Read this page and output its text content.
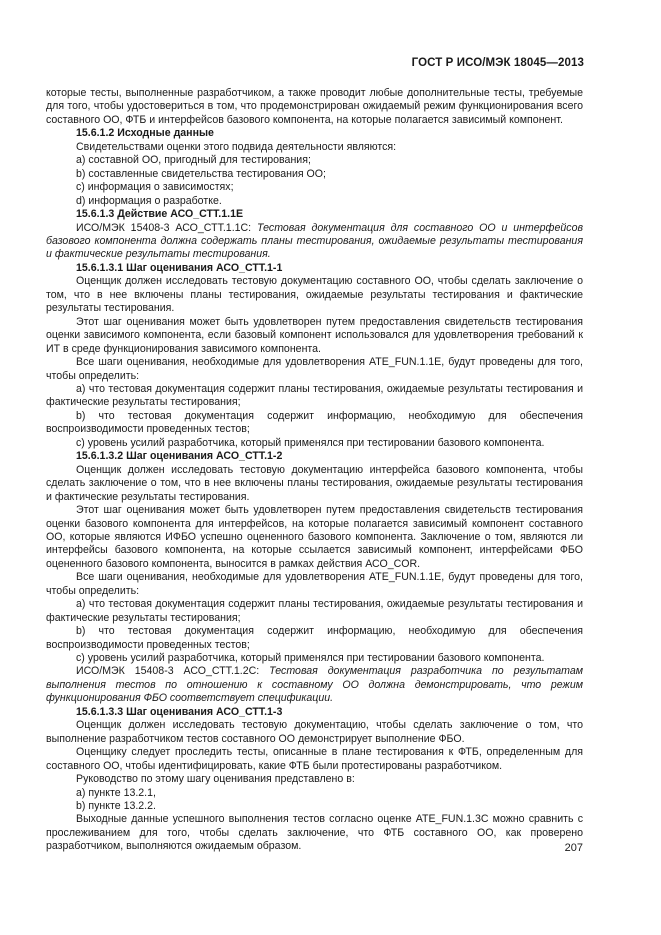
ГОСТ Р ИСО/МЭК 18045—2013

которые тесты, выполненные разработчиком, а также проводит любые дополнительные тесты, требуемые для того, чтобы удостовериться в том, что продемонстрирован ожидаемый режим функционирования всего составного ОО, ФТБ и интерфейсов базового компонента, на которые полагается зависимый компонент.

15.6.1.2 Исходные данные

Свидетельствами оценки этого подвида деятельности являются:

a) составной ОО, пригодный для тестирования;

b) составленные свидетельства тестирования ОО;

c) информация о зависимостях;

d) информация о разработке.

15.6.1.3 Действие АСО_СТТ.1.1Е

ИСО/МЭК 15408-3 АСО_СТТ.1.1С: Тестовая документация для составного ОО и интерфейсов базового компонента должна содержать планы тестирования, ожидаемые результаты тестирования и фактические результаты тестирования.

15.6.1.3.1 Шаг оценивания АСО_СТТ.1-1

Оценщик должен исследовать тестовую документацию составного ОО, чтобы сделать заключение о том, что в нее включены планы тестирования, ожидаемые результаты тестирования и фактические результаты тестирования.

Этот шаг оценивания может быть удовлетворен путем предоставления свидетельств тестирования оценки зависимого компонента, если базовый компонент использовался для удовлетворения требований к ИТ в среде функционирования зависимого компонента.

Все шаги оценивания, необходимые для удовлетворения ATE_FUN.1.1E, будут проведены для того, чтобы определить:

a) что тестовая документация содержит планы тестирования, ожидаемые результаты тестирования и фактические результаты тестирования;

b) что тестовая документация содержит информацию, необходимую для обеспечения воспроизводимости проведенных тестов;

c) уровень усилий разработчика, который применялся при тестировании базового компонента.

15.6.1.3.2 Шаг оценивания АСО_СТТ.1-2

Оценщик должен исследовать тестовую документацию интерфейса базового компонента, чтобы сделать заключение о том, что в нее включены планы тестирования, ожидаемые результаты тестирования и фактические результаты тестирования.

Этот шаг оценивания может быть удовлетворен путем предоставления свидетельств тестирования оценки базового компонента для интерфейсов, на которые полагается зависимый компонент составного ОО, которые являются ИФБО успешно оцененного базового компонента. Заключение о том, являются ли интерфейсы базового компонента, на которые ссылается зависимый компонент, интерфейсами ФБО оцененного базового компонента, выносится в рамках действия АСО_COR.

Все шаги оценивания, необходимые для удовлетворения ATE_FUN.1.1E, будут проведены для того, чтобы определить:

a) что тестовая документация содержит планы тестирования, ожидаемые результаты тестирования и фактические результаты тестирования;

b) что тестовая документация содержит информацию, необходимую для обеспечения воспроизводимости проведенных тестов;

c) уровень усилий разработчика, который применялся при тестировании базового компонента.

ИСО/МЭК 15408-3 АСО_СТТ.1.2С: Тестовая документация разработчика по результатам выполнения тестов по отношению к составному ОО должна демонстрировать, что режим функционирования ФБО соответствует спецификации.

15.6.1.3.3 Шаг оценивания АСО_СТТ.1-3

Оценщик должен исследовать тестовую документацию, чтобы сделать заключение о том, что выполнение разработчиком тестов составного ОО демонстрирует выполнение ФБО.

Оценщику следует проследить тесты, описанные в плане тестирования к ФТБ, определенным для составного ОО, чтобы идентифицировать, какие ФТБ были протестированы разработчиком.

Руководство по этому шагу оценивания представлено в:

a) пункте 13.2.1,

b) пункте 13.2.2.

Выходные данные успешного выполнения тестов согласно оценке ATE_FUN.1.3C можно сравнить с прослеживанием для того, чтобы сделать заключение, что ФТБ составного ОО, как проверено разработчиком, выполняются ожидаемым образом.	207
